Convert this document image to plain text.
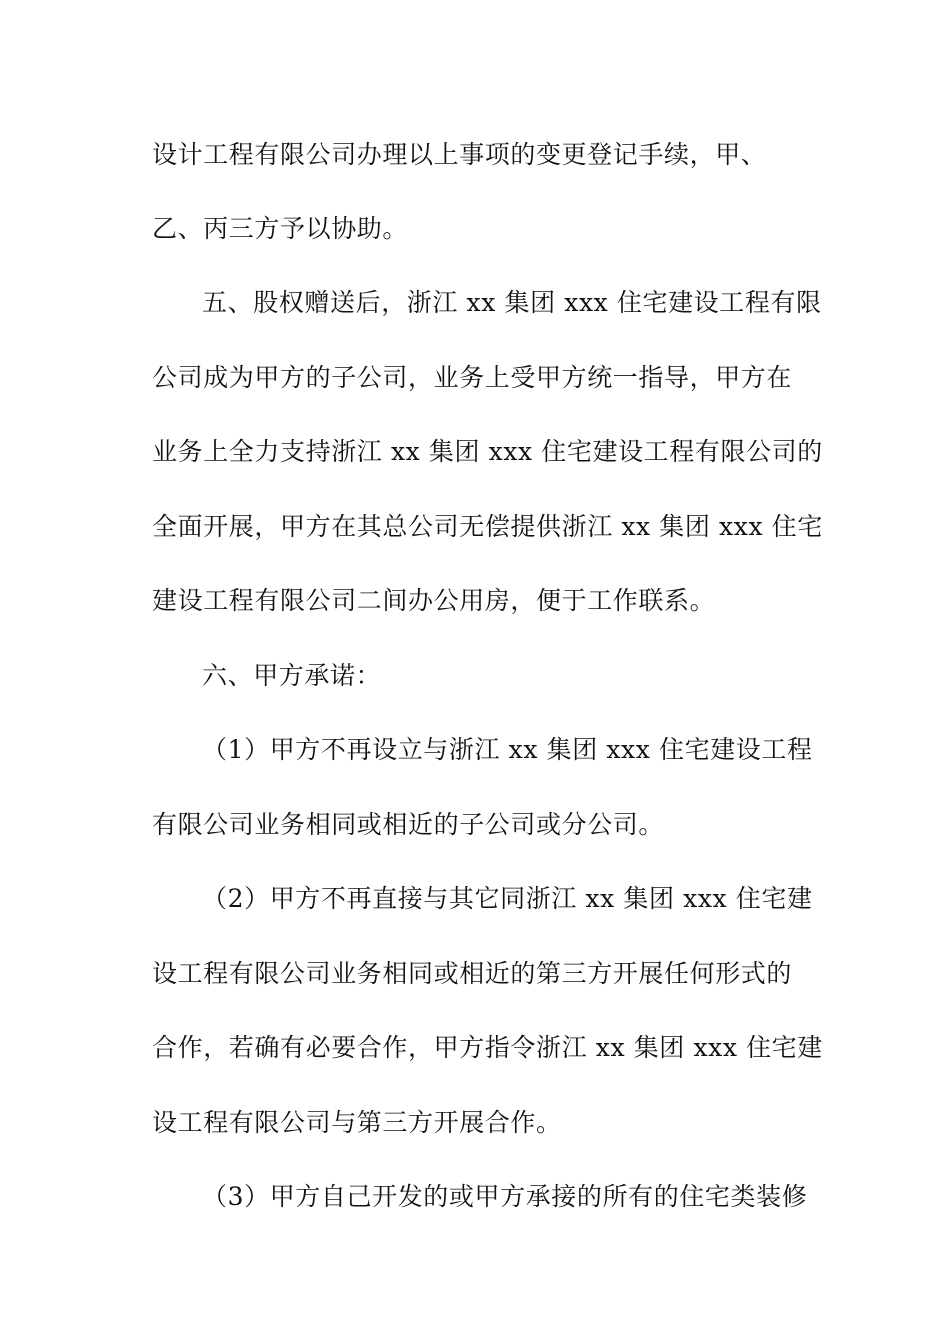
设计工程有限公司办理以上事项的变更登记手续，甲、
乙、丙三方予以协助。
五、股权赠送后，浙江 xx 集团 xxx 住宅建设工程有限
公司成为甲方的子公司，业务上受甲方统一指导，甲方在
业务上全力支持浙江 xx 集团 xxx 住宅建设工程有限公司的
全面开展，甲方在其总公司无偿提供浙江 xx 集团 xxx 住宅
建设工程有限公司二间办公用房，便于工作联系。
六、甲方承诺：
（1）甲方不再设立与浙江 xx 集团 xxx 住宅建设工程
有限公司业务相同或相近的子公司或分公司。
（2）甲方不再直接与其它同浙江 xx 集团 xxx 住宅建
设工程有限公司业务相同或相近的第三方开展任何形式的
合作，若确有必要合作，甲方指令浙江 xx 集团 xxx 住宅建
设工程有限公司与第三方开展合作。
（3）甲方自己开发的或甲方承接的所有的住宅类装修
